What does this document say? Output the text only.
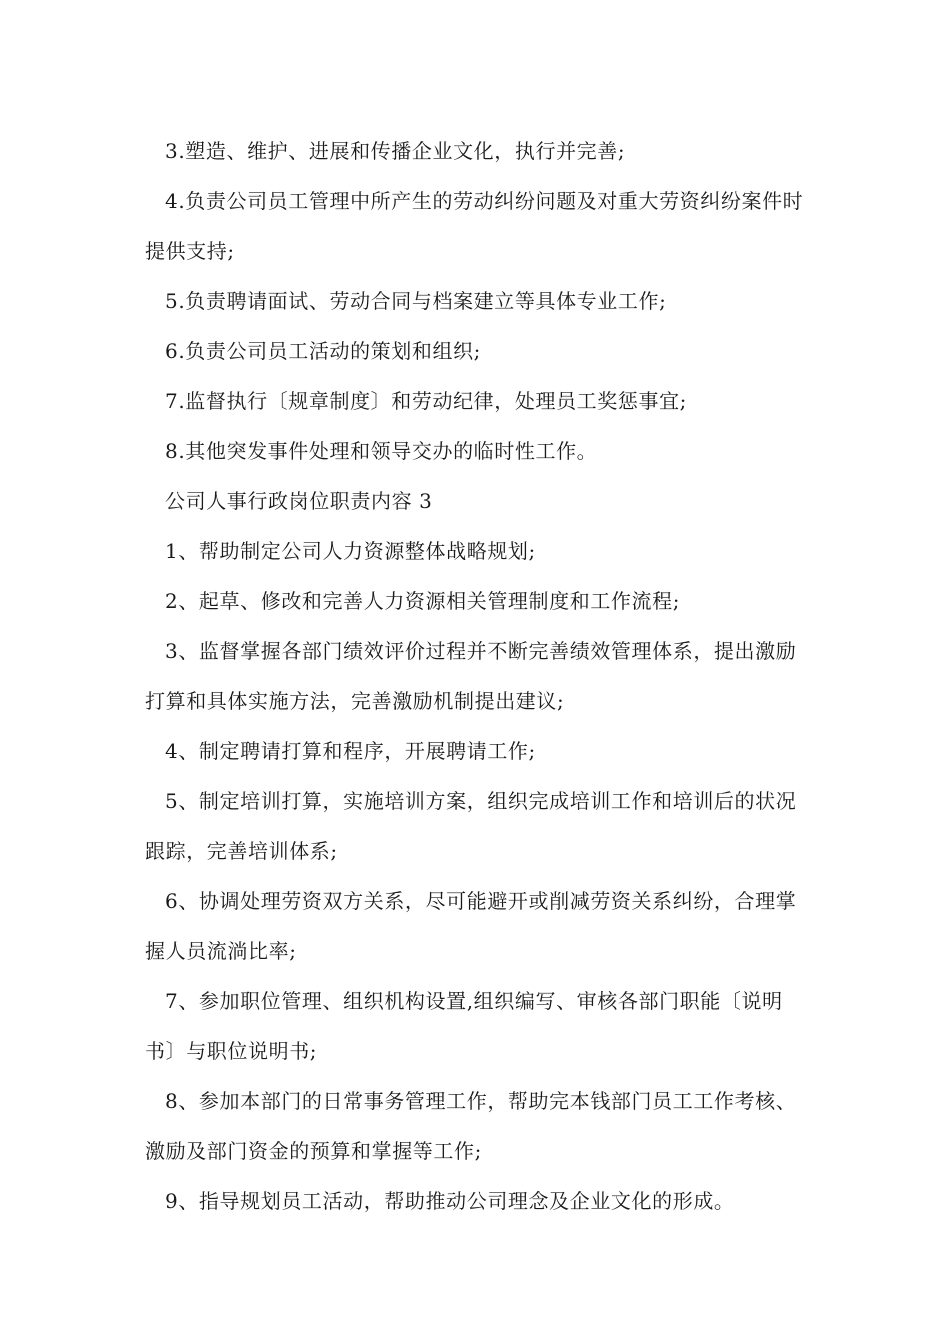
3.塑造、维护、进展和传播企业文化，执行并完善;

4.负责公司员工管理中所产生的劳动纠纷问题及对重大劳资纠纷案件时提供支持;

5.负责聘请面试、劳动合同与档案建立等具体专业工作;

6.负责公司员工活动的策划和组织;

7.监督执行〔规章制度〕和劳动纪律，处理员工奖惩事宜;

8.其他突发事件处理和领导交办的临时性工作。

公司人事行政岗位职责内容 3

1、帮助制定公司人力资源整体战略规划;

2、起草、修改和完善人力资源相关管理制度和工作流程;

3、监督掌握各部门绩效评价过程并不断完善绩效管理体系，提出激励打算和具体实施方法，完善激励机制提出建议;

4、制定聘请打算和程序，开展聘请工作;

5、制定培训打算，实施培训方案，组织完成培训工作和培训后的状况跟踪，完善培训体系;

6、协调处理劳资双方关系，尽可能避开或削减劳资关系纠纷，合理掌握人员流淌比率;

7、参加职位管理、组织机构设置,组织编写、审核各部门职能〔说明书〕与职位说明书;

8、参加本部门的日常事务管理工作，帮助完本钱部门员工工作考核、激励及部门资金的预算和掌握等工作;

9、指导规划员工活动，帮助推动公司理念及企业文化的形成。
